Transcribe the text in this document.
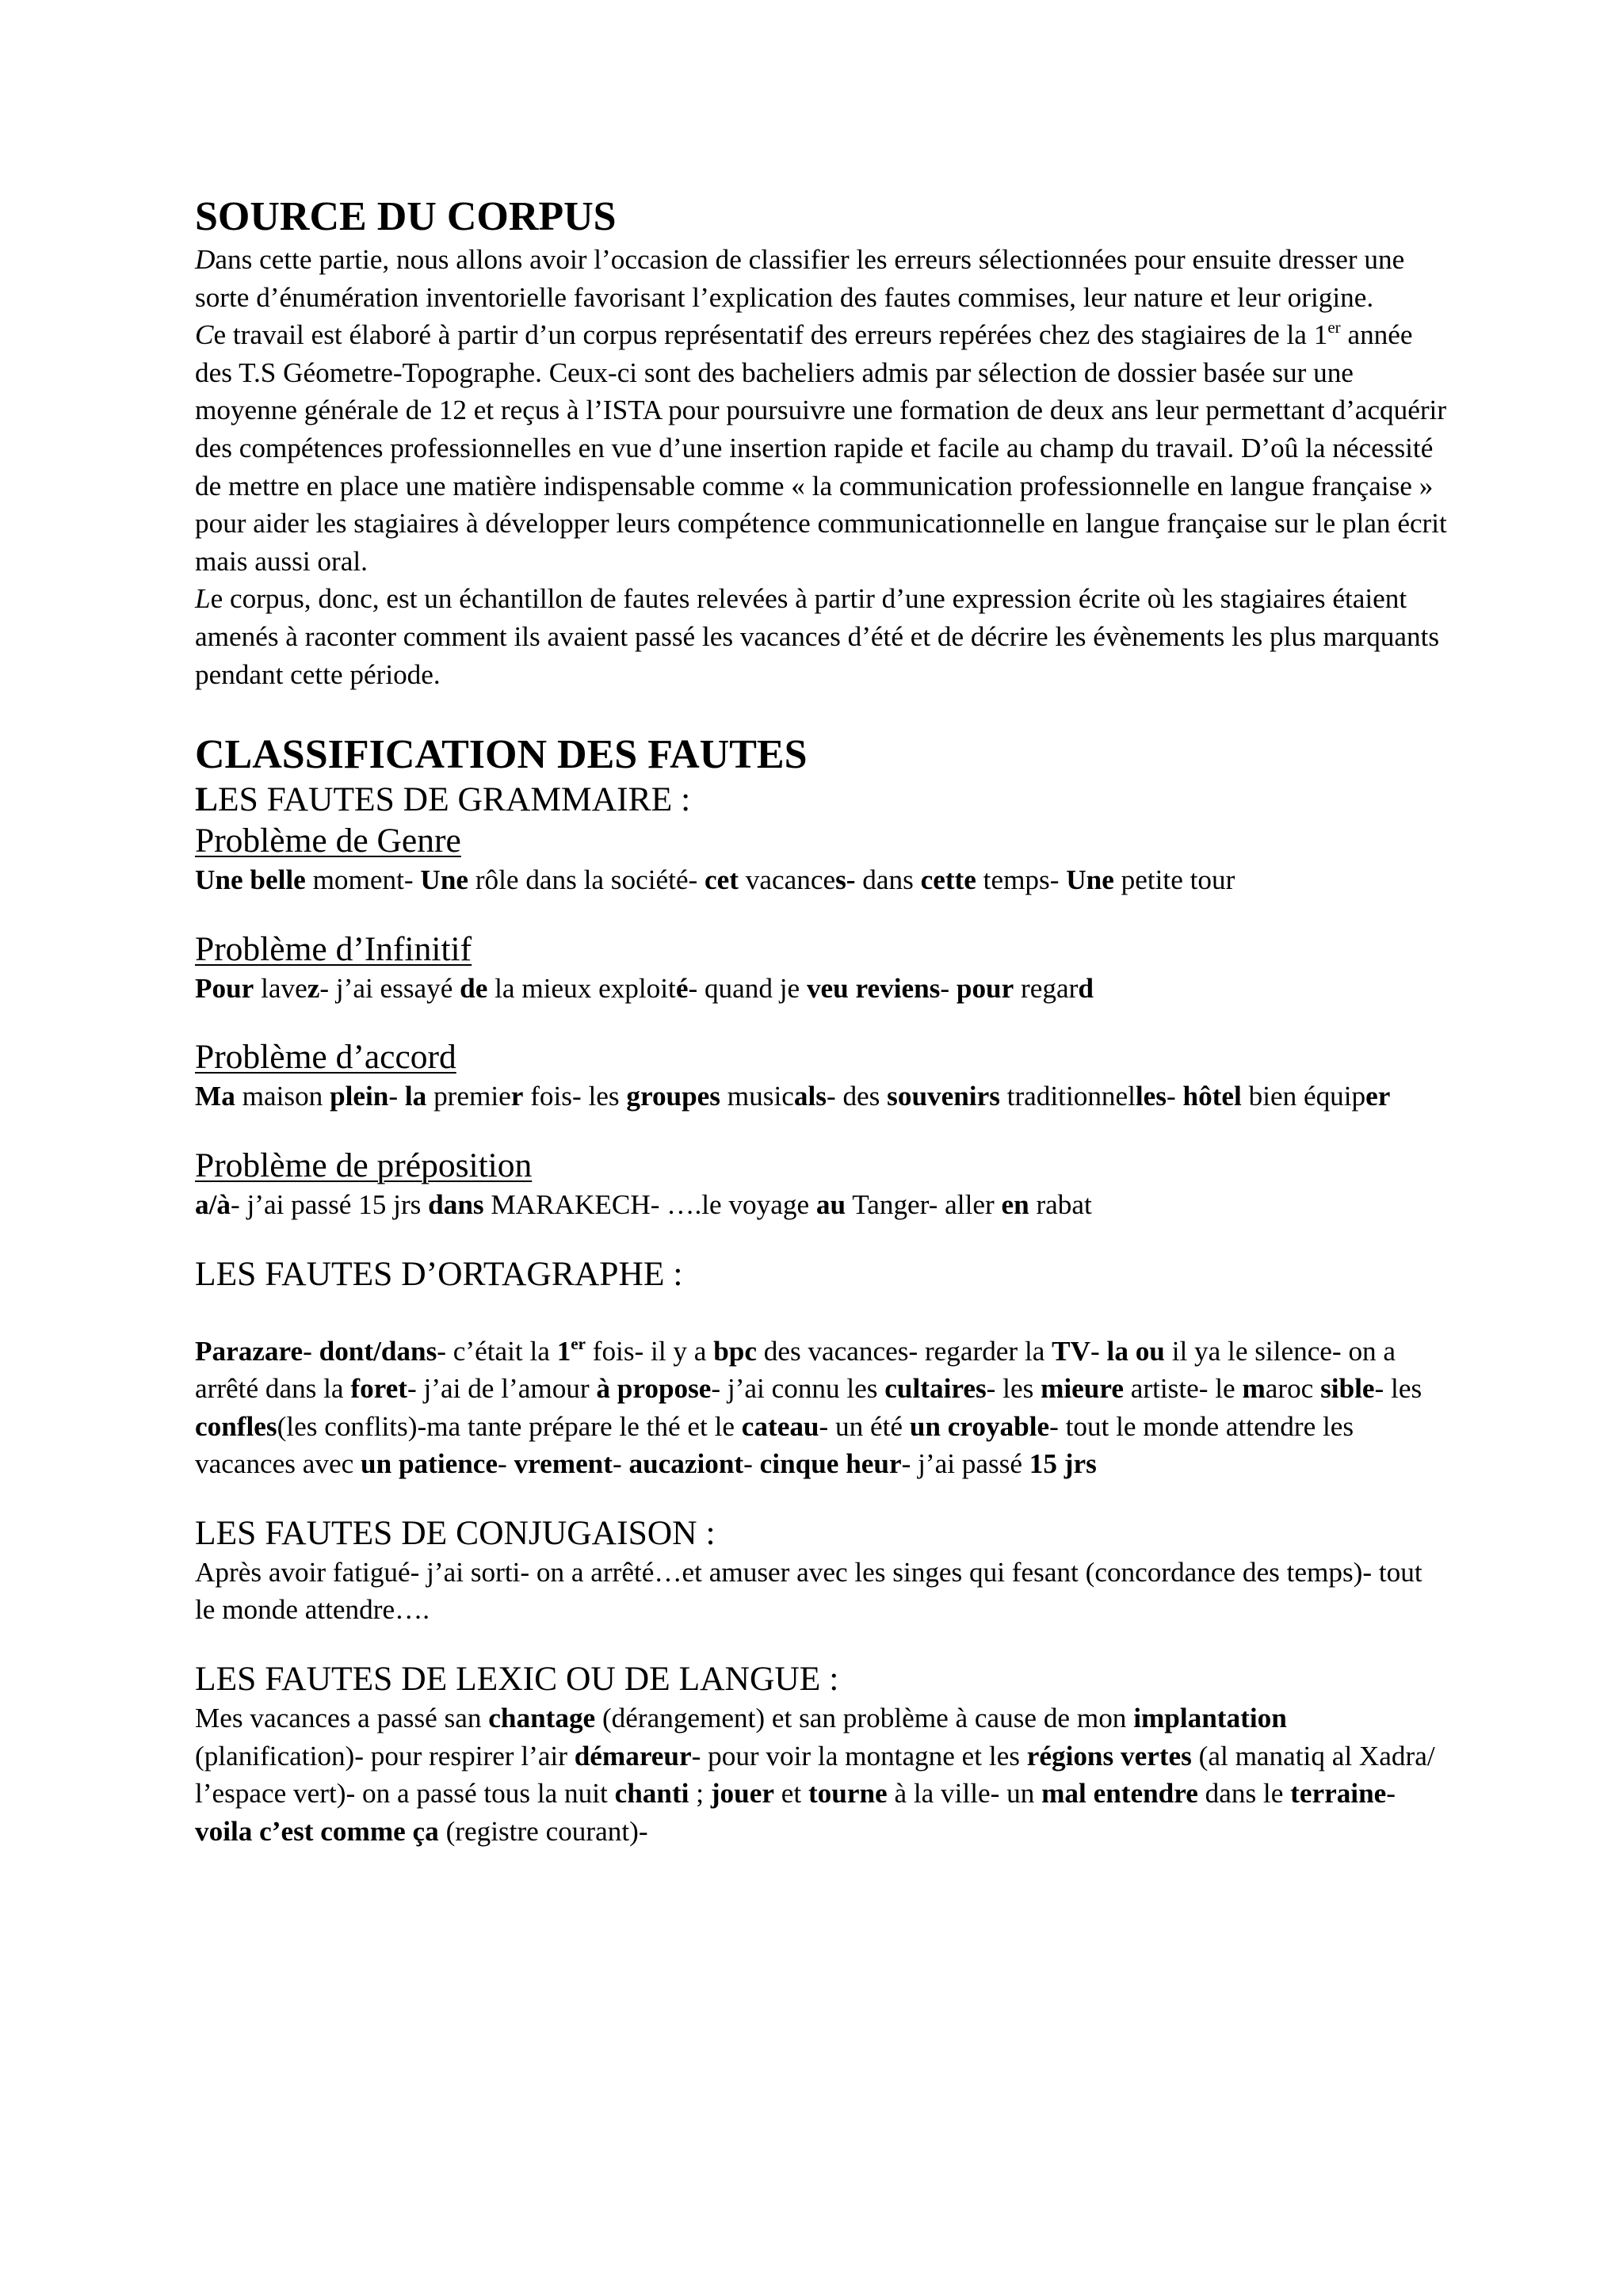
SOURCE DU CORPUS

Dans cette partie, nous allons avoir l’occasion de classifier les erreurs sélectionnées pour ensuite dresser une sorte d’énumération inventorielle favorisant l’explication des fautes commises, leur nature et leur origine.

Ce travail est élaboré à partir d’un corpus représentatif des erreurs repérées chez des stagiaires de la 1er année des T.S Géometre-Topographe. Ceux-ci sont des bacheliers admis par sélection de dossier basée sur une moyenne générale de 12 et reçus à l’ISTA pour poursuivre une formation de deux ans leur permettant d’acquérir des compétences professionnelles en vue d’une insertion rapide et facile au champ du travail. D’oû la nécessité de mettre en place une matière indispensable comme « la communication professionnelle en langue française » pour aider les stagiaires à développer leurs compétence communicationnelle en langue française sur le plan écrit mais aussi oral.

Le corpus, donc, est un échantillon de fautes relevées à partir d’une expression écrite où les stagiaires étaient amenés à raconter comment ils avaient passé les vacances d’été et de décrire les évènements les plus marquants pendant cette période.

CLASSIFICATION DES FAUTES
LES FAUTES DE GRAMMAIRE :
Problème de Genre

Une belle moment- Une rôle dans la société- cet vacances- dans cette temps- Une petite tour

Problème d’Infinitif

Pour lavez- j’ai essayé de la mieux exploité- quand je veu reviens- pour regard

Problème d’accord

Ma maison plein- la premier fois- les groupes musicals- des souvenirs traditionnelles- hôtel bien équiper

Problème de préposition

a/à- j’ai passé 15 jrs dans MARAKECH- ….le voyage au Tanger- aller en rabat

LES FAUTES D’ORTAGRAPHE :

Parazare- dont/dans- c’était la 1er fois- il y a bpc des vacances- regarder la TV- la ou il ya le silence- on a arrêté dans la foret- j’ai de l’amour à propose- j’ai connu les cultaires- les mieure artiste- le maroc sible- les confles(les conflits)-ma tante prépare le thé et le cateau- un été un croyable- tout le monde attendre les vacances avec un patience- vrement- aucaziont- cinque heur- j’ai passé 15 jrs

LES FAUTES DE CONJUGAISON :

Après avoir fatigué- j’ai sorti- on a arrêté…et amuser avec les singes qui fesant (concordance des temps)- tout le monde attendre….

LES FAUTES DE LEXIC OU DE LANGUE :

Mes vacances a passé san chantage (dérangement) et san problème à cause de mon implantation (planification)- pour respirer l’air démareur- pour voir la montagne et les régions vertes (al manatiq al Xadra/ l’espace vert)- on a passé tous la nuit chanti ; jouer et tourne à la ville- un mal entendre dans le terraine- voila c’est comme ça (registre courant)-
